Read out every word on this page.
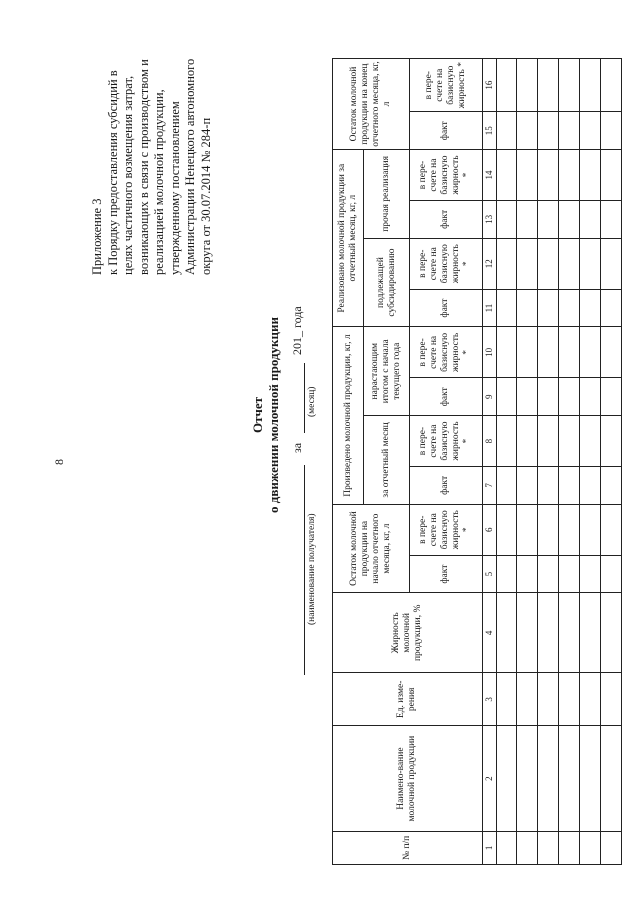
8
Приложение 3 к Порядку предоставления субсидий в целях частичного возмещения затрат, возникающих в связи с производством и реализацией молочной продукции, утвержденному постановлением Администрации Ненецкого автономного округа от 30.07.2014 № 284-п
Отчет о движении молочной продукции за
201_ года
(наименование получателя)
(месяц)
№ п/п	Наимено-вание молочной продукции	Ед. изме-рения	Жирность молочной продукции, %	Остаток молочной продукции на начало отчетного месяца, кг, л		Произведено молочной продукции, кг, л				Реализовано молочной продукции за отчетный месяц, кг, л				Остаток молочной продукции на конец отчетного месяца, кг, л	
						за отчетный месяц		нарастающим итогом с начала текущего года		подлежащей субсидированию		прочая реализация			
				факт	в пере-счете на базисную жирность *	факт	в пере-счете на базисную жирность *	факт	в пере-счете на базисную жирность *	факт	в пере-счете на базисную жирность *	факт	в пере-счете на базисную жирность *	факт	в пере-счете на базисную жирность *
1	2	3	4	5	6	7	8	9	10	11	12	13	14	15	16
